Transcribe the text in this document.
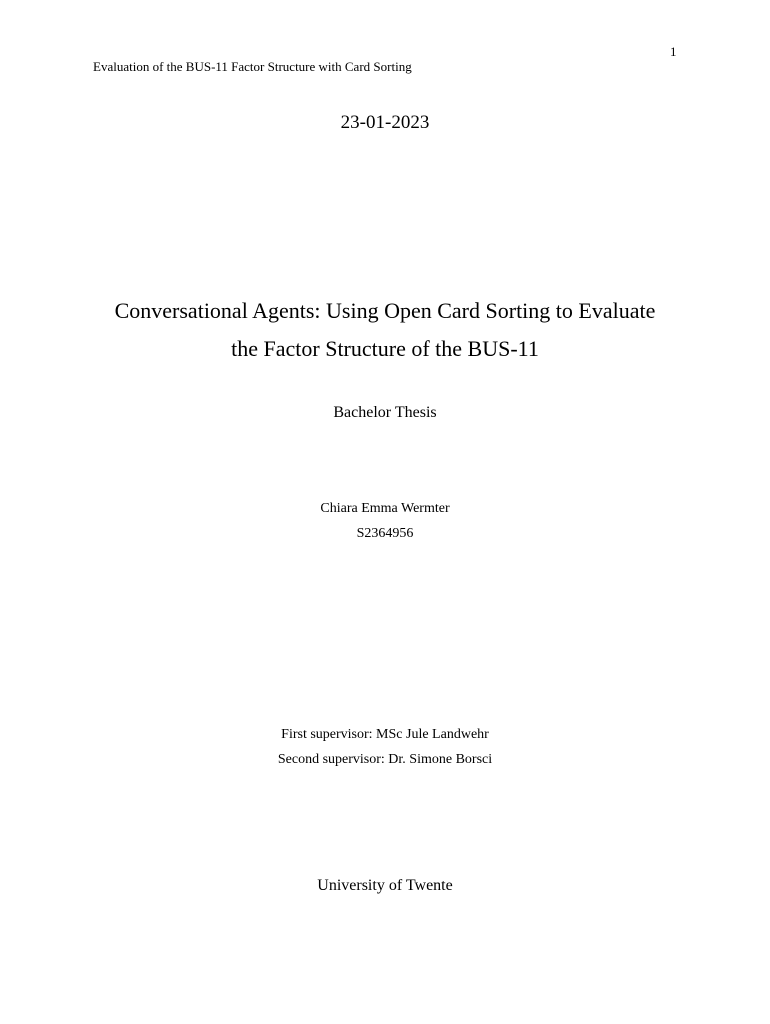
1
Evaluation of the BUS-11 Factor Structure with Card Sorting
23-01-2023
Conversational Agents: Using Open Card Sorting to Evaluate
the Factor Structure of the BUS-11
Bachelor Thesis
Chiara Emma Wermter
S2364956
First supervisor: MSc Jule Landwehr
Second supervisor: Dr. Simone Borsci
University of Twente
